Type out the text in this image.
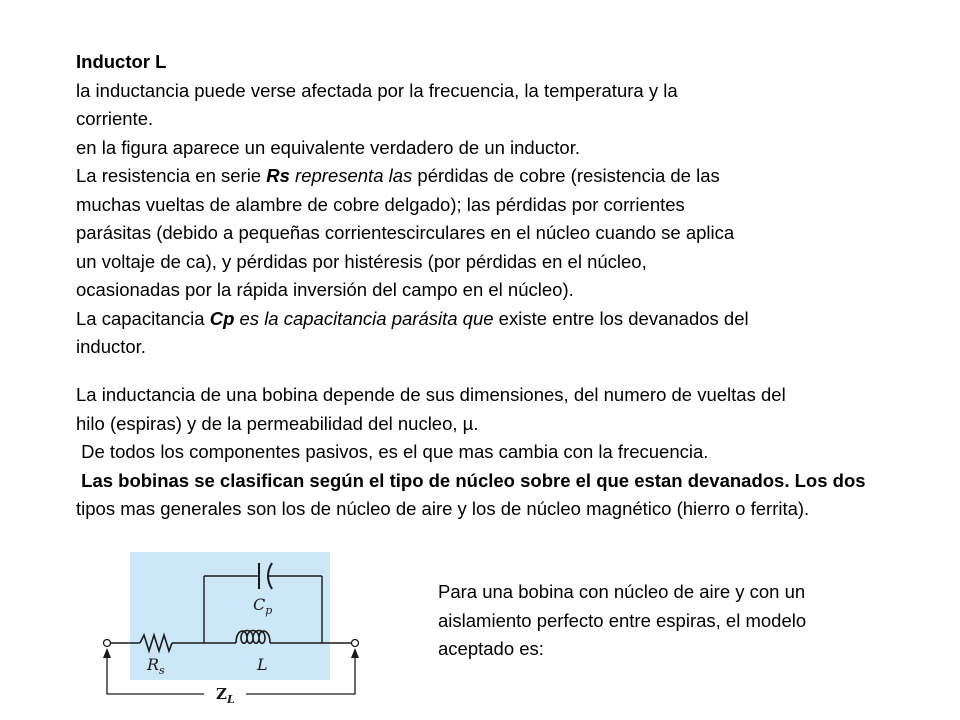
Inductor L
la inductancia puede verse afectada por la frecuencia, la temperatura y la
corriente.
en la figura aparece un equivalente verdadero de un inductor.
La resistencia en serie Rs representa las pérdidas de cobre (resistencia de las
muchas vueltas de alambre de cobre delgado); las pérdidas por corrientes
parásitas (debido a pequeñas corrientescirculares en el núcleo cuando se aplica
un voltaje de ca), y pérdidas por histéresis (por pérdidas en el núcleo,
ocasionadas por la rápida inversión del campo en el núcleo).
La capacitancia Cp es la capacitancia parásita que existe entre los devanados del
inductor.
La inductancia de una bobina depende de sus dimensiones, del numero de vueltas del
hilo (espiras) y de la permeabilidad del nucleo, µ.
De todos los componentes pasivos, es el que mas cambia con la frecuencia.
Las bobinas se clasifican según el tipo de núcleo sobre el que estan devanados. Los dos
tipos mas generales son los de núcleo de aire y los de núcleo magnético (hierro o ferrita).
$C_p$
$R_s$	L
$Z_L$
Para una bobina con núcleo de aire y con un
aislamiento perfecto entre espiras, el modelo
aceptado es:
